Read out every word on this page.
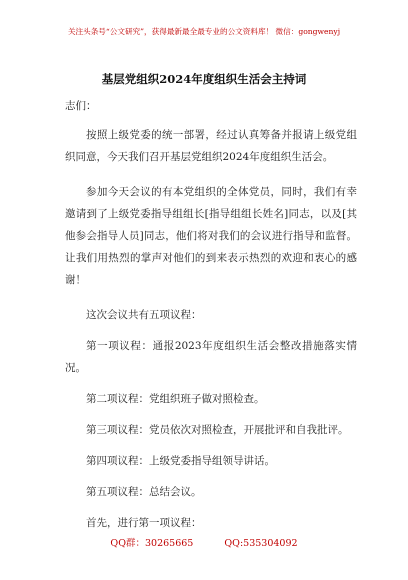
关注头条号“公文研究”，获得最新最全最专业的公文资料库！ 微信：gongwenyj
基层党组织2024年度组织生活会主持词
志们：

按照上级党委的统一部署，经过认真筹备并报请上级党组织同意，今天我们召开基层党组织2024年度组织生活会。

参加今天会议的有本党组织的全体党员，同时，我们有幸邀请到了上级党委指导组组长[指导组组长姓名]同志，以及[其他参会指导人员]同志，他们将对我们的会议进行指导和监督。让我们用热烈的掌声对他们的到来表示热烈的欢迎和衷心的感谢！

这次会议共有五项议程：

第一项议程：通报2023年度组织生活会整改措施落实情况。

第二项议程：党组织班子做对照检查。

第三项议程：党员依次对照检查，开展批评和自我批评。

第四项议程：上级党委指导组领导讲话。

第五项议程：总结会议。

首先，进行第一项议程：

QQ群：30265665	QQ:535304092
